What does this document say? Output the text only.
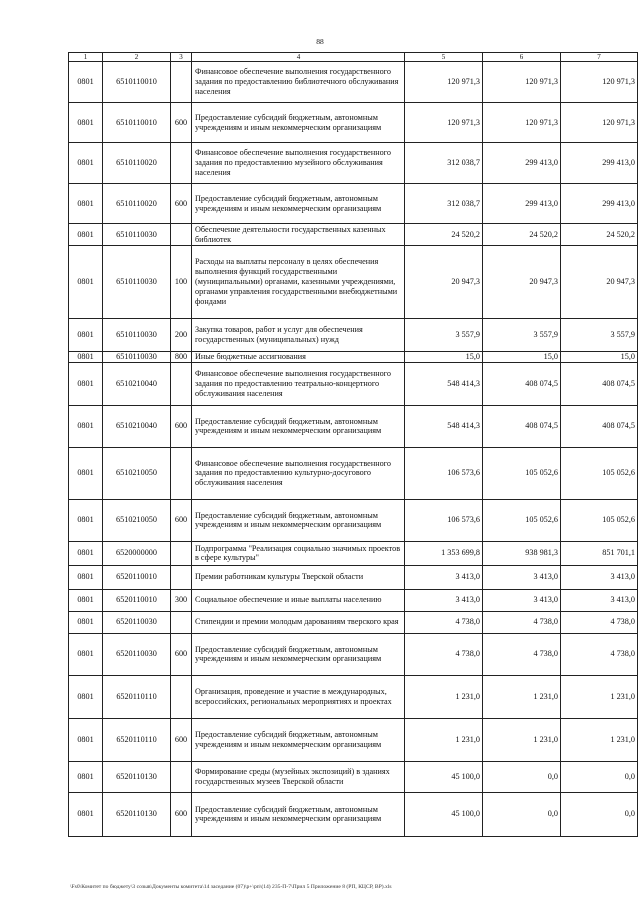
88
1	2	3	4	5	6	7
0801	6510110010		Финансовое обеспечение выполнения государственного задания по предоставлению библиотечного обслуживания населения	120 971,3	120 971,3	120 971,3
0801	6510110010	600	Предоставление субсидий бюджетным, автономным учреждениям и иным некоммерческим организациям	120 971,3	120 971,3	120 971,3
0801	6510110020		Финансовое обеспечение выполнения государственного задания по предоставлению музейного обслуживания населения	312 038,7	299 413,0	299 413,0
0801	6510110020	600	Предоставление субсидий бюджетным, автономным учреждениям и иным некоммерческим организациям	312 038,7	299 413,0	299 413,0
0801	6510110030		Обеспечение деятельности государственных казенных библиотек	24 520,2	24 520,2	24 520,2
0801	6510110030	100	Расходы на выплаты персоналу в целях обеспечения выполнения функций государственными (муниципальными) органами, казенными учреждениями, органами управления государственными внебюджетными фондами	20 947,3	20 947,3	20 947,3
0801	6510110030	200	Закупка товаров, работ и услуг для обеспечения государственных (муниципальных) нужд	3 557,9	3 557,9	3 557,9
0801	6510110030	800	Иные бюджетные ассигнования	15,0	15,0	15,0
0801	6510210040		Финансовое обеспечение выполнения государственного задания по предоставлению театрально-концертного обслуживания населения	548 414,3	408 074,5	408 074,5
0801	6510210040	600	Предоставление субсидий бюджетным, автономным учреждениям и иным некоммерческим организациям	548 414,3	408 074,5	408 074,5
0801	6510210050		Финансовое обеспечение выполнения государственного задания по предоставлению культурно-досугового обслуживания населения	106 573,6	105 052,6	105 052,6
0801	6510210050	600	Предоставление субсидий бюджетным, автономным учреждениям и иным некоммерческим организациям	106 573,6	105 052,6	105 052,6
0801	6520000000		Подпрограмма "Реализация социально значимых проектов в сфере культуры"	1 353 699,8	938 981,3	851 701,1
0801	6520110010		Премии работникам культуры Тверской области	3 413,0	3 413,0	3 413,0
0801	6520110010	300	Социальное обеспечение и иные выплаты населению	3 413,0	3 413,0	3 413,0
0801	6520110030		Стипендии и премии молодым дарованиям тверского края	4 738,0	4 738,0	4 738,0
0801	6520110030	600	Предоставление субсидий бюджетным, автономным учреждениям и иным некоммерческим организациям	4 738,0	4 738,0	4 738,0
0801	6520110110		Организация, проведение и участие в международных, всероссийских, региональных мероприятиях и проектах	1 231,0	1 231,0	1 231,0
0801	6520110110	600	Предоставление субсидий бюджетным, автономным учреждениям и иным некоммерческим организациям	1 231,0	1 231,0	1 231,0
0801	6520110130		Формирование среды (музейных экспозиций) в зданиях государственных музеев Тверской области	45 100,0	0,0	0,0
0801	6520110130	600	Предоставление субсидий бюджетным, автономным учреждениям и иным некоммерческим организациям	45 100,0	0,0	0,0
\Fs0\Комитет по бюджету\3 созыв\Документы комитета\14 заседание (07)\р+\рп\(14) 235-П-7\Прил 5 Приложение 8 (РП, КЦСР, ВР).xls
